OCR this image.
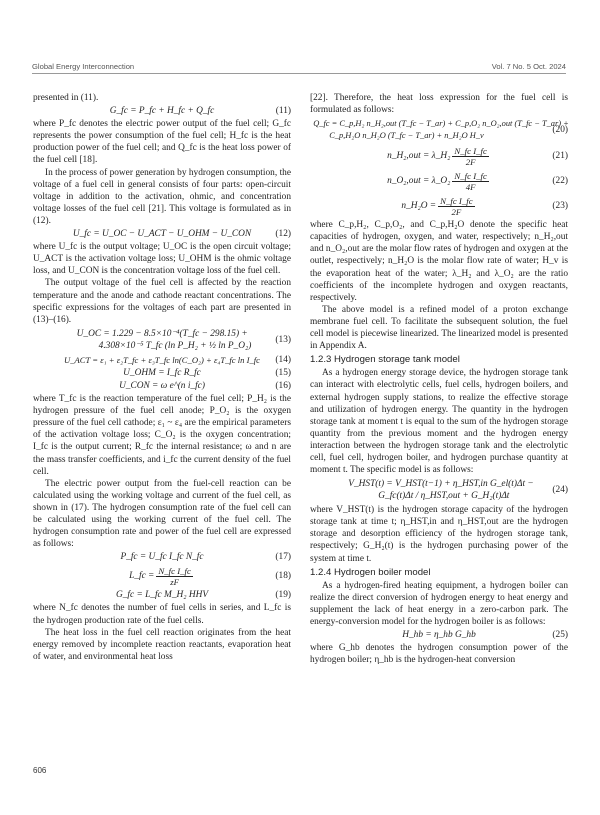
Global Energy Interconnection	Vol. 7 No. 5 Oct. 2024

presented in (11).

G_fc = P_fc + H_fc + Q_fc	(11)

where P_fc denotes the electric power output of the fuel cell; G_fc represents the power consumption of the fuel cell; H_fc is the heat production power of the fuel cell; and Q_fc is the heat loss power of the fuel cell [18].

In the process of power generation by hydrogen consumption, the voltage of a fuel cell in general consists of four parts: open-circuit voltage in addition to the activation, ohmic, and concentration voltage losses of the fuel cell [21]. This voltage is formulated as in (12).

U_fc = U_OC − U_ACT − U_OHM − U_CON	(12)

where U_fc is the output voltage; U_OC is the open circuit voltage; U_ACT is the activation voltage loss; U_OHM is the ohmic voltage loss, and U_CON is the concentration voltage loss of the fuel cell.

The output voltage of the fuel cell is affected by the reaction temperature and the anode and cathode reactant concentrations. The specific expressions for the voltages of each part are presented in (13)–(16).

U_OC = 1.229 − 8.5×10⁻⁴(T_fc − 298.15) +
4.308×10⁻⁵ T_fc (ln P_H₂ + ½ ln P_O₂)
(13)
U_ACT = ε₁ + ε₂T_fc + ε₃T_fc ln(C_O₂) + ε₄T_fc ln I_fc (14)
U_OHM = I_fc R_fc	(15)
U_CON = ω e^(n i_fc)	(16)

where T_fc is the reaction temperature of the fuel cell; P_H₂ is the hydrogen pressure of the fuel cell anode; P_O₂ is the oxygen pressure of the fuel cell cathode; ε₁ ~ ε₄ are the empirical parameters of the activation voltage loss; C_O₂ is the oxygen concentration; I_fc is the output current; R_fc the internal resistance; ω and n are the mass transfer coefficients, and i_fc the current density of the fuel cell.

The electric power output from the fuel-cell reaction can be calculated using the working voltage and current of the fuel cell, as shown in (17). The hydrogen consumption rate of the fuel cell can be calculated using the working current of the fuel cell. The hydrogen consumption rate and power of the fuel cell are expressed as follows:

P_fc = U_fc I_fc N_fc	(17)
L_fc = $\frac{\text{N\_fc I\_fc}}{zF}$	(18)
G_fc = L_fc M_H₂ HHV	(19)

where N_fc denotes the number of fuel cells in series, and L_fc is the hydrogen production rate of the fuel cells.

The heat loss in the fuel cell reaction originates from the heat energy removed by incomplete reaction reactants, evaporation heat of water, and environmental heat loss

[22]. Therefore, the heat loss expression for the fuel cell is formulated as follows:

Q_fc = C_p,H₂ n_H₂,out (T_fc − T_ar) + C_p,O₂ n_O₂,out (T_fc − T_ar) +
C_p,H₂O n_H₂O (T_fc − T_ar) + n_H₂O H_v
(20)
n_H₂,out = λ_H₂ $\frac{\text{N\_fc I\_fc}}{2F}$	(21)
n_O₂,out = λ_O₂ $\frac{\text{N\_fc I\_fc}}{4F}$	(22)
n_H₂O = $\frac{\text{N\_fc I\_fc}}{2F}$	(23)

where C_p,H₂, C_p,O₂, and C_p,H₂O denote the specific heat capacities of hydrogen, oxygen, and water, respectively; n_H₂,out and n_O₂,out are the molar flow rates of hydrogen and oxygen at the outlet, respectively; n_H₂O is the molar flow rate of water; H_v is the evaporation heat of the water; λ_H₂ and λ_O₂ are the ratio coefficients of the incomplete hydrogen and oxygen reactants, respectively.

The above model is a refined model of a proton exchange membrane fuel cell. To facilitate the subsequent solution, the fuel cell model is piecewise linearized. The linearized model is presented in Appendix A.

1.2.3 Hydrogen storage tank model

As a hydrogen energy storage device, the hydrogen storage tank can interact with electrolytic cells, fuel cells, hydrogen boilers, and external hydrogen supply stations, to realize the effective storage and utilization of hydrogen energy. The quantity in the hydrogen storage tank at moment t is equal to the sum of the hydrogen storage quantity from the previous moment and the hydrogen energy interaction between the hydrogen storage tank and the electrolytic cell, fuel cell, hydrogen boiler, and hydrogen purchase quantity at moment t. The specific model is as follows:

V_HST(t) = V_HST(t−1) + η_HST,in G_el(t)Δt −
G_fc(t)Δt / η_HST,out + G_H₂(t)Δt
(24)

where V_HST(t) is the hydrogen storage capacity of the hydrogen storage tank at time t; η_HST,in and η_HST,out are the hydrogen storage and desorption efficiency of the hydrogen storage tank, respectively; G_H₂(t) is the hydrogen purchasing power of the system at time t.

1.2.4 Hydrogen boiler model

As a hydrogen-fired heating equipment, a hydrogen boiler can realize the direct conversion of hydrogen energy to heat energy and supplement the lack of heat energy in a zero-carbon park. The energy-conversion model for the hydrogen boiler is as follows:

H_hb = η_hb G_hb	(25)

where G_hb denotes the hydrogen consumption power of the hydrogen boiler; η_hb is the hydrogen-heat conversion

606
